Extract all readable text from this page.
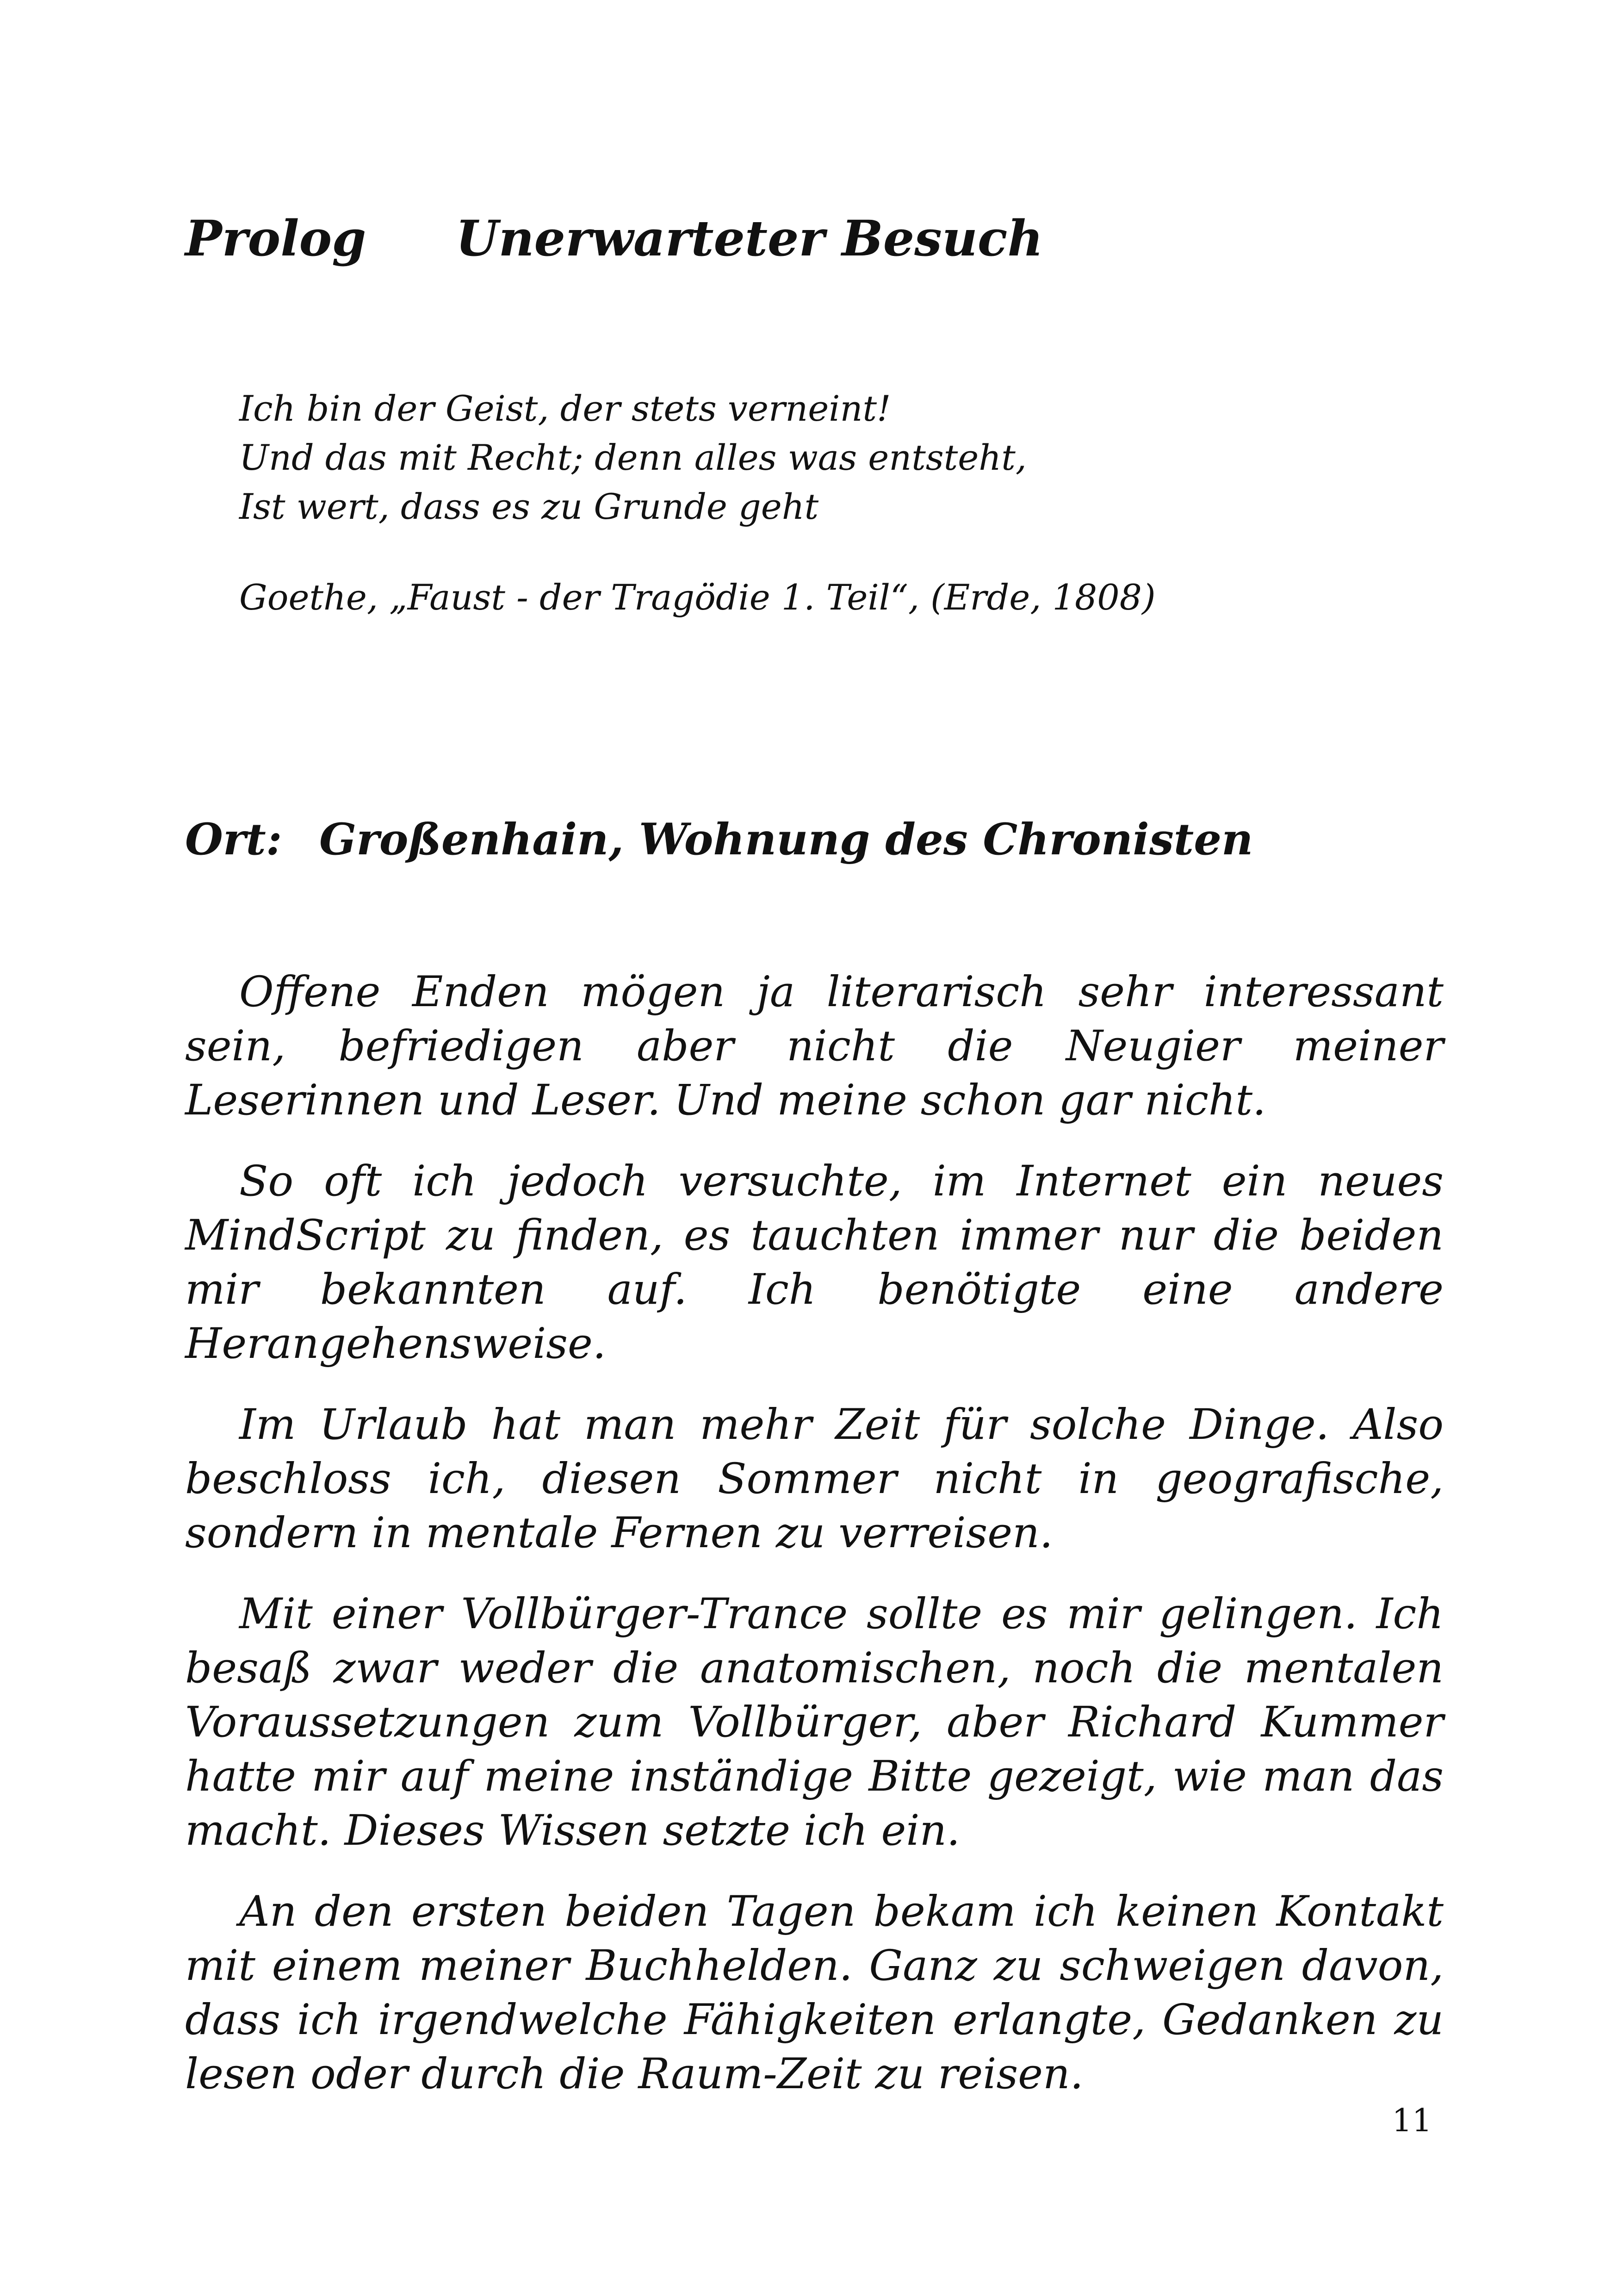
Prolog Unerwarteter Besuch
Ich bin der Geist, der stets verneint!
Und das mit Recht; denn alles was entsteht,
Ist wert, dass es zu Grunde geht
Goethe, „Faust - der Tragödie 1. Teil“, (Erde, 1808)
Ort: Großenhain, Wohnung des Chronisten

Offene Enden mögen ja literarisch sehr interessant sein, befriedigen aber nicht die Neugier meiner Leserinnen und Leser. Und meine schon gar nicht.

So oft ich jedoch versuchte, im Internet ein neues MindScript zu finden, es tauchten immer nur die beiden mir bekannten auf. Ich benötigte eine andere Herangehensweise.

Im Urlaub hat man mehr Zeit für solche Dinge. Also beschloss ich, diesen Sommer nicht in geografische, sondern in mentale Fernen zu verreisen.

Mit einer Vollbürger-Trance sollte es mir gelingen. Ich besaß zwar weder die anatomischen, noch die mentalen Voraussetzungen zum Vollbürger, aber Richard Kummer hatte mir auf meine inständige Bitte gezeigt, wie man das macht. Dieses Wissen setzte ich ein.

An den ersten beiden Tagen bekam ich keinen Kontakt mit einem meiner Buchhelden. Ganz zu schweigen davon, dass ich irgendwelche Fähigkeiten erlangte, Gedanken zu lesen oder durch die Raum-Zeit zu reisen.

11
